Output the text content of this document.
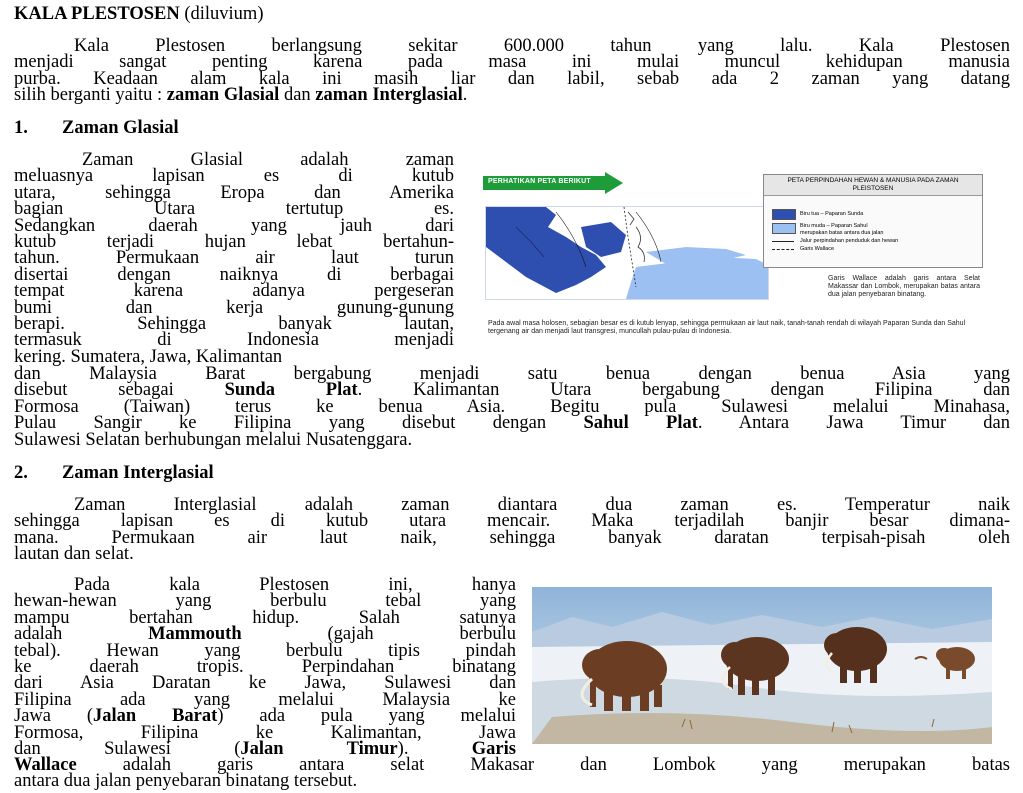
KALA PLESTOSEN (diluvium)
Kala Plestosen berlangsung sekitar 600.000 tahun yang lalu. Kala Plestosen
menjadi sangat penting karena pada masa ini mulai muncul kehidupan manusia
purba. Keadaan alam kala ini masih liar dan labil, sebab ada 2 zaman yang datang
silih berganti yaitu : zaman Glasial dan zaman Interglasial.
1. Zaman Glasial
Zaman Glasial adalah zaman
meluasnya lapisan es di kutub
utara, sehingga Eropa dan Amerika
bagian Utara tertutup es.
Sedangkan daerah yang jauh dari
kutub terjadi hujan lebat bertahun-
tahun. Permukaan air laut turun
disertai dengan naiknya di berbagai
tempat karena adanya pergeseran
bumi dan kerja gunung-gunung
berapi. Sehingga banyak lautan,
termasuk di Indonesia menjadi
kering. Sumatera, Jawa, Kalimantan
PERHATIKAN PETA BERIKUT	PETA PERPINDAHAN HEWAN & MANUSIA PADA ZAMAN PLEISTOSEN
Biru tua – Paparan Sunda
Biru muda – Paparan Sahul
merupakan batas antara dua jalan
Jalur perpindahan penduduk dan hewan
Garis Wallace
Garis Wallace adalah garis antara Selat Makassar dan Lombok, merupakan batas antara dua jalan penyebaran binatang.
Pada awal masa holosen, sebagian besar es di kutub lenyap, sehingga permukaan air laut naik, tanah-tanah rendah di wilayah Paparan Sunda dan Sahul tergenang air dan menjadi laut transgresi, muncullah pulau-pulau di Indonesia.
dan Malaysia Barat bergabung menjadi satu benua dengan benua Asia yang
disebut sebagai Sunda Plat. Kalimantan Utara bergabung dengan Filipina dan
Formosa (Taiwan) terus ke benua Asia. Begitu pula Sulawesi melalui Minahasa,
Pulau Sangir ke Filipina yang disebut dengan Sahul Plat. Antara Jawa Timur dan
Sulawesi Selatan berhubungan melalui Nusatenggara.
2. Zaman Interglasial
Zaman Interglasial adalah zaman diantara dua zaman es. Temperatur naik
sehingga lapisan es di kutub utara mencair. Maka terjadilah banjir besar dimana-
mana. Permukaan air laut naik, sehingga banyak daratan terpisah-pisah oleh
lautan dan selat.
Pada kala Plestosen ini, hanya
hewan-hewan yang berbulu tebal yang
mampu bertahan hidup. Salah satunya
adalah Mammouth (gajah berbulu
tebal). Hewan yang berbulu tipis pindah
ke daerah tropis. Perpindahan binatang
dari Asia Daratan ke Jawa, Sulawesi dan
Filipina ada yang melalui Malaysia ke
Jawa (Jalan Barat) ada pula yang melalui
Formosa, Filipina ke Kalimantan, Jawa
dan Sulawesi (Jalan Timur). Garis
Wallace adalah garis antara selat Makasar dan Lombok yang merupakan batas
antara dua jalan penyebaran binatang tersebut.
